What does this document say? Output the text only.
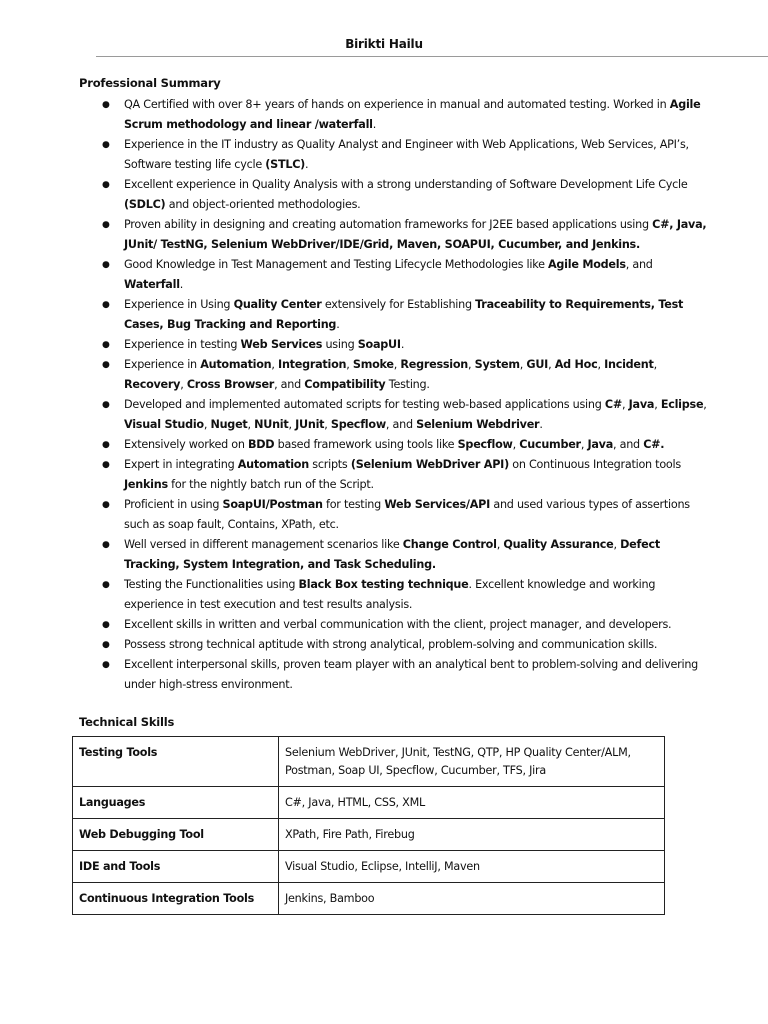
Birikti Hailu
Professional Summary
● QA Certified with over 8+ years of hands on experience in manual and automated testing. Worked in Agile Scrum methodology and linear /waterfall.
● Experience in the IT industry as Quality Analyst and Engineer with Web Applications, Web Services, API’s, Software testing life cycle (STLC).
● Excellent experience in Quality Analysis with a strong understanding of Software Development Life Cycle (SDLC) and object-oriented methodologies.
● Proven ability in designing and creating automation frameworks for J2EE based applications using C#, Java, JUnit/ TestNG, Selenium WebDriver/IDE/Grid, Maven, SOAPUI, Cucumber, and Jenkins.
● Good Knowledge in Test Management and Testing Lifecycle Methodologies like Agile Models, and Waterfall.
● Experience in Using Quality Center extensively for Establishing Traceability to Requirements, Test Cases, Bug Tracking and Reporting.
● Experience in testing Web Services using SoapUI.
● Experience in Automation, Integration, Smoke, Regression, System, GUI, Ad Hoc, Incident, Recovery, Cross Browser, and Compatibility Testing.
● Developed and implemented automated scripts for testing web-based applications using C#, Java, Eclipse, Visual Studio, Nuget, NUnit, JUnit, Specflow, and Selenium Webdriver.
● Extensively worked on BDD based framework using tools like Specflow, Cucumber, Java, and C#.
● Expert in integrating Automation scripts (Selenium WebDriver API) on Continuous Integration tools Jenkins for the nightly batch run of the Script.
● Proficient in using SoapUI/Postman for testing Web Services/API and used various types of assertions such as soap fault, Contains, XPath, etc.
● Well versed in different management scenarios like Change Control, Quality Assurance, Defect Tracking, System Integration, and Task Scheduling.
● Testing the Functionalities using Black Box testing technique. Excellent knowledge and working experience in test execution and test results analysis.
● Excellent skills in written and verbal communication with the client, project manager, and developers.
● Possess strong technical aptitude with strong analytical, problem-solving and communication skills.
● Excellent interpersonal skills, proven team player with an analytical bent to problem-solving and delivering under high-stress environment.
Technical Skills
Testing Tools	Selenium WebDriver, JUnit, TestNG, QTP, HP Quality Center/ALM, Postman, Soap UI, Specflow, Cucumber, TFS, Jira
Languages	C#, Java, HTML, CSS, XML
Web Debugging Tool	XPath, Fire Path, Firebug
IDE and Tools	Visual Studio, Eclipse, IntelliJ, Maven
Continuous Integration Tools	Jenkins, Bamboo
